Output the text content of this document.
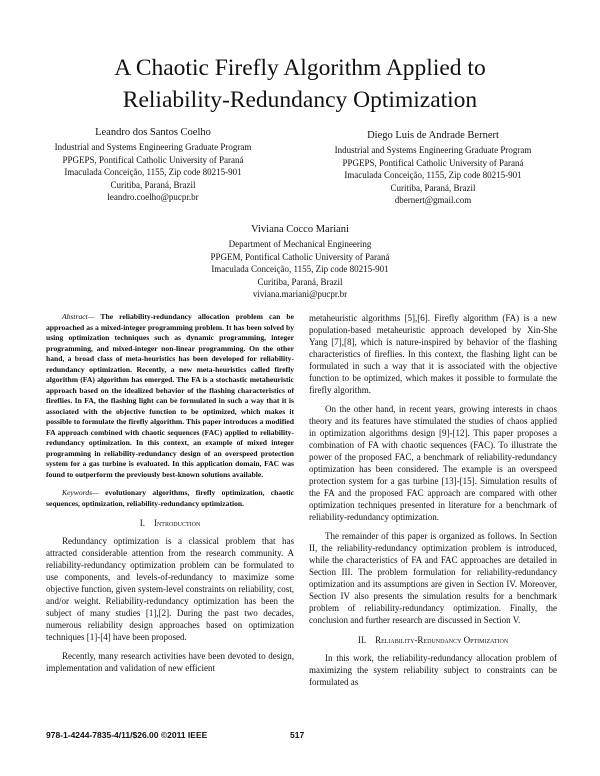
A Chaotic Firefly Algorithm Applied to
Reliability-Redundancy Optimization
Leandro dos Santos Coelho
Industrial and Systems Engineering Graduate Program
PPGEPS, Pontifical Catholic University of Paraná
Imaculada Conceição, 1155, Zip code 80215-901
Curitiba, Paraná, Brazil
leandro.coelho@pucpr.br
Diego Luis de Andrade Bernert
Industrial and Systems Engineering Graduate Program
PPGEPS, Pontifical Catholic University of Paraná
Imaculada Conceição, 1155, Zip code 80215-901
Curitiba, Paraná, Brazil
dbernert@gmail.com
Viviana Cocco Mariani
Department of Mechanical Engineering
PPGEM, Pontifical Catholic University of Paraná
Imaculada Conceição, 1155, Zip code 80215-901
Curitiba, Paraná, Brazil
viviana.mariani@pucpr.br

Abstract— The reliability-redundancy allocation problem can be approached as a mixed-integer programming problem. It has been solved by using optimization techniques such as dynamic programming, integer programming, and mixed-integer non-linear programming. On the other hand, a broad class of meta-heuristics has been developed for reliability-redundancy optimization. Recently, a new meta-heuristics called firefly algorithm (FA) algorithm has emerged. The FA is a stochastic metaheuristic approach based on the idealized behavior of the flashing characteristics of fireflies. In FA, the flashing light can be formulated in such a way that it is associated with the objective function to be optimized, which makes it possible to formulate the firefly algorithm. This paper introduces a modified FA approach combined with chaotic sequences (FAC) applied to reliability-redundancy optimization. In this context, an example of mixed integer programming in reliability-redundancy design of an overspeed protection system for a gas turbine is evaluated. In this application domain, FAC was found to outperform the previously best-known solutions available.

Keywords— evolutionary algorithms, firefly optimization, chaotic sequences, optimization, reliability-redundancy optimization.

I. Introduction

Redundancy optimization is a classical problem that has attracted considerable attention from the research community. A reliability-redundancy optimization problem can be formulated to use components, and levels-of-redundancy to maximize some objective function, given system-level constraints on reliability, cost, and/or weight. Reliability-redundancy optimization has been the subject of many studies [1],[2]. During the past two decades, numerous reliability design approaches based on optimization techniques [1]-[4] have been proposed.

Recently, many research activities have been devoted to design, implementation and validation of new efficient

metaheuristic algorithms [5],[6]. Firefly algorithm (FA) is a new population-based metaheuristic approach developed by Xin-She Yang [7],[8], which is nature-inspired by behavior of the flashing characteristics of fireflies. In this context, the flashing light can be formulated in such a way that it is associated with the objective function to be optimized, which makes it possible to formulate the firefly algorithm.

On the other hand, in recent years, growing interests in chaos theory and its features have stimulated the studies of chaos applied in optimization algorithms design [9]-[12]. This paper proposes a combination of FA with chaotic sequences (FAC). To illustrate the power of the proposed FAC, a benchmark of reliability-redundancy optimization has been considered. The example is an overspeed protection system for a gas turbine [13]-[15]. Simulation results of the FA and the proposed FAC approach are compared with other optimization techniques presented in literature for a benchmark of reliability-redundancy optimization.

The remainder of this paper is organized as follows. In Section II, the reliability-redundancy optimization problem is introduced, while the characteristics of FA and FAC approaches are detailed in Section III. The problem formulation for reliability-redundancy optimization and its assumptions are given in Section IV. Moreover, Section IV also presents the simulation results for a benchmark problem of reliability-redundancy optimization. Finally, the conclusion and further research are discussed in Section V.

II. Reliability-Redundancy Optimization

In this work, the reliability-redundancy allocation problem of maximizing the system reliability subject to constraints can be formulated as

978-1-4244-7835-4/11/$26.00 ©2011 IEEE	517
